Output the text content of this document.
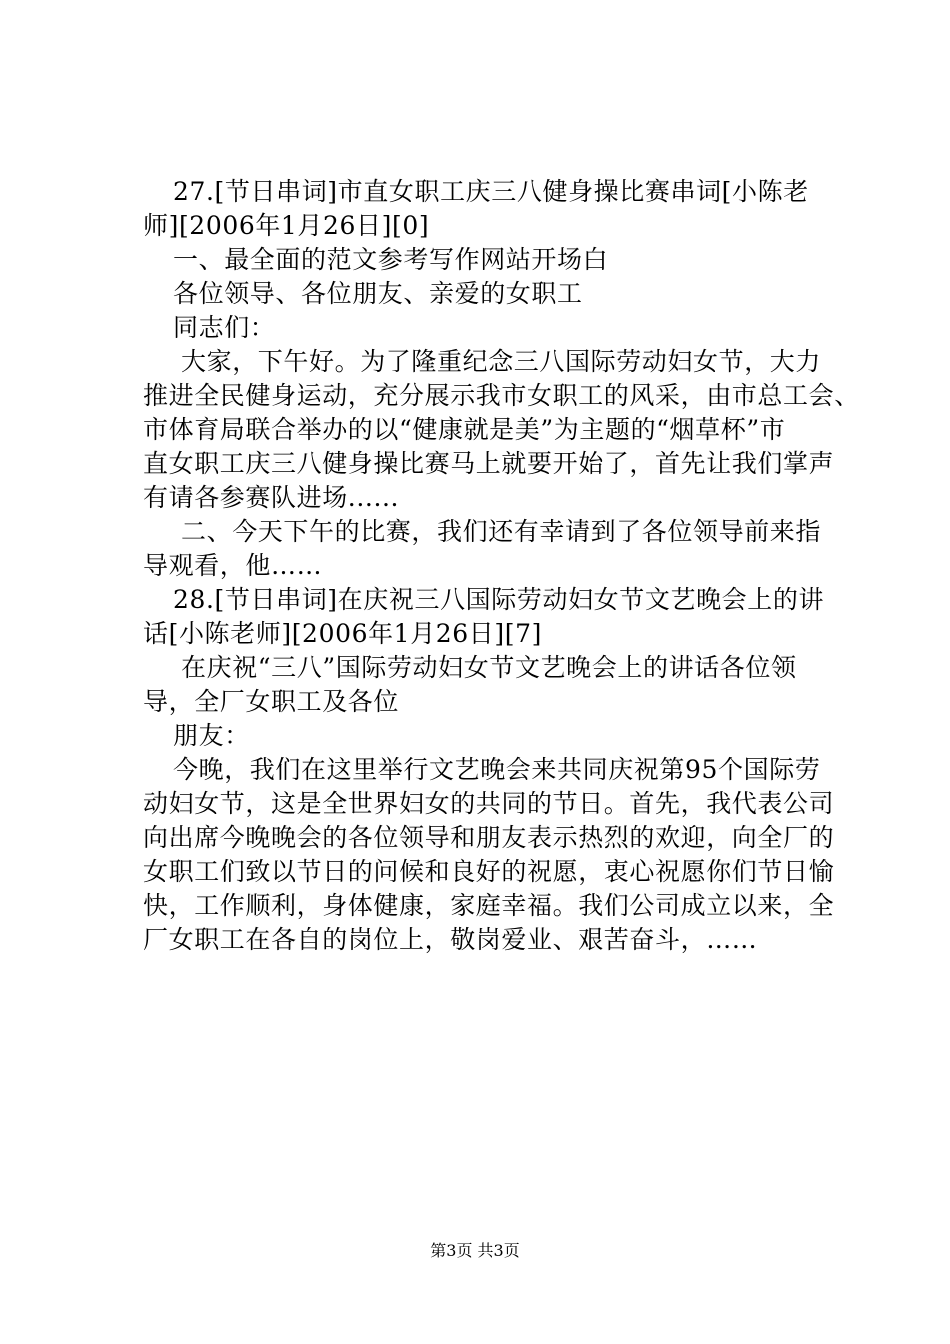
27.[节日串词]市直女职工庆三八健身操比赛串词[小陈老
师][2006年1月26日][0]
一、最全面的范文参考写作网站开场白
各位领导、各位朋友、亲爱的女职工
同志们：
大家，下午好。为了隆重纪念三八国际劳动妇女节，大力
推进全民健身运动，充分展示我市女职工的风采，由市总工会、
市体育局联合举办的以“健康就是美”为主题的“烟草杯”市
直女职工庆三八健身操比赛马上就要开始了，首先让我们掌声
有请各参赛队进场......
二、今天下午的比赛，我们还有幸请到了各位领导前来指
导观看，他……
28.[节日串词]在庆祝三八国际劳动妇女节文艺晚会上的讲
话[小陈老师][2006年1月26日][7]
在庆祝“三八”国际劳动妇女节文艺晚会上的讲话各位领
导，全厂女职工及各位
朋友：
今晚，我们在这里举行文艺晚会来共同庆祝第95个国际劳
动妇女节，这是全世界妇女的共同的节日。首先，我代表公司
向出席今晚晚会的各位领导和朋友表示热烈的欢迎，向全厂的
女职工们致以节日的问候和良好的祝愿，衷心祝愿你们节日愉
快，工作顺利，身体健康，家庭幸福。我们公司成立以来，全
厂女职工在各自的岗位上，敬岗爱业、艰苦奋斗，……
第3页 共3页
